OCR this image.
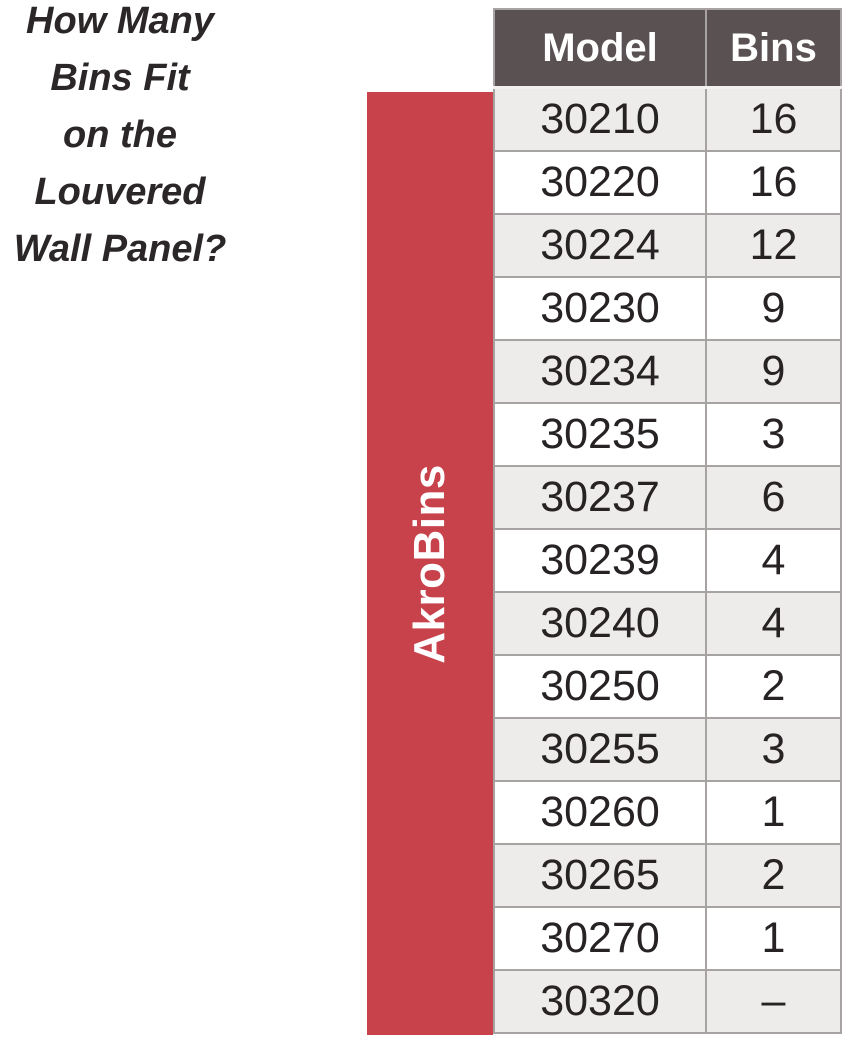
How Many
Bins Fit
on the
Louvered
Wall Panel?
AkroBins
Model	Bins
30210	16
30220	16
30224	12
30230	9
30234	9
30235	3
30237	6
30239	4
30240	4
30250	2
30255	3
30260	1
30265	2
30270	1
30320	–
